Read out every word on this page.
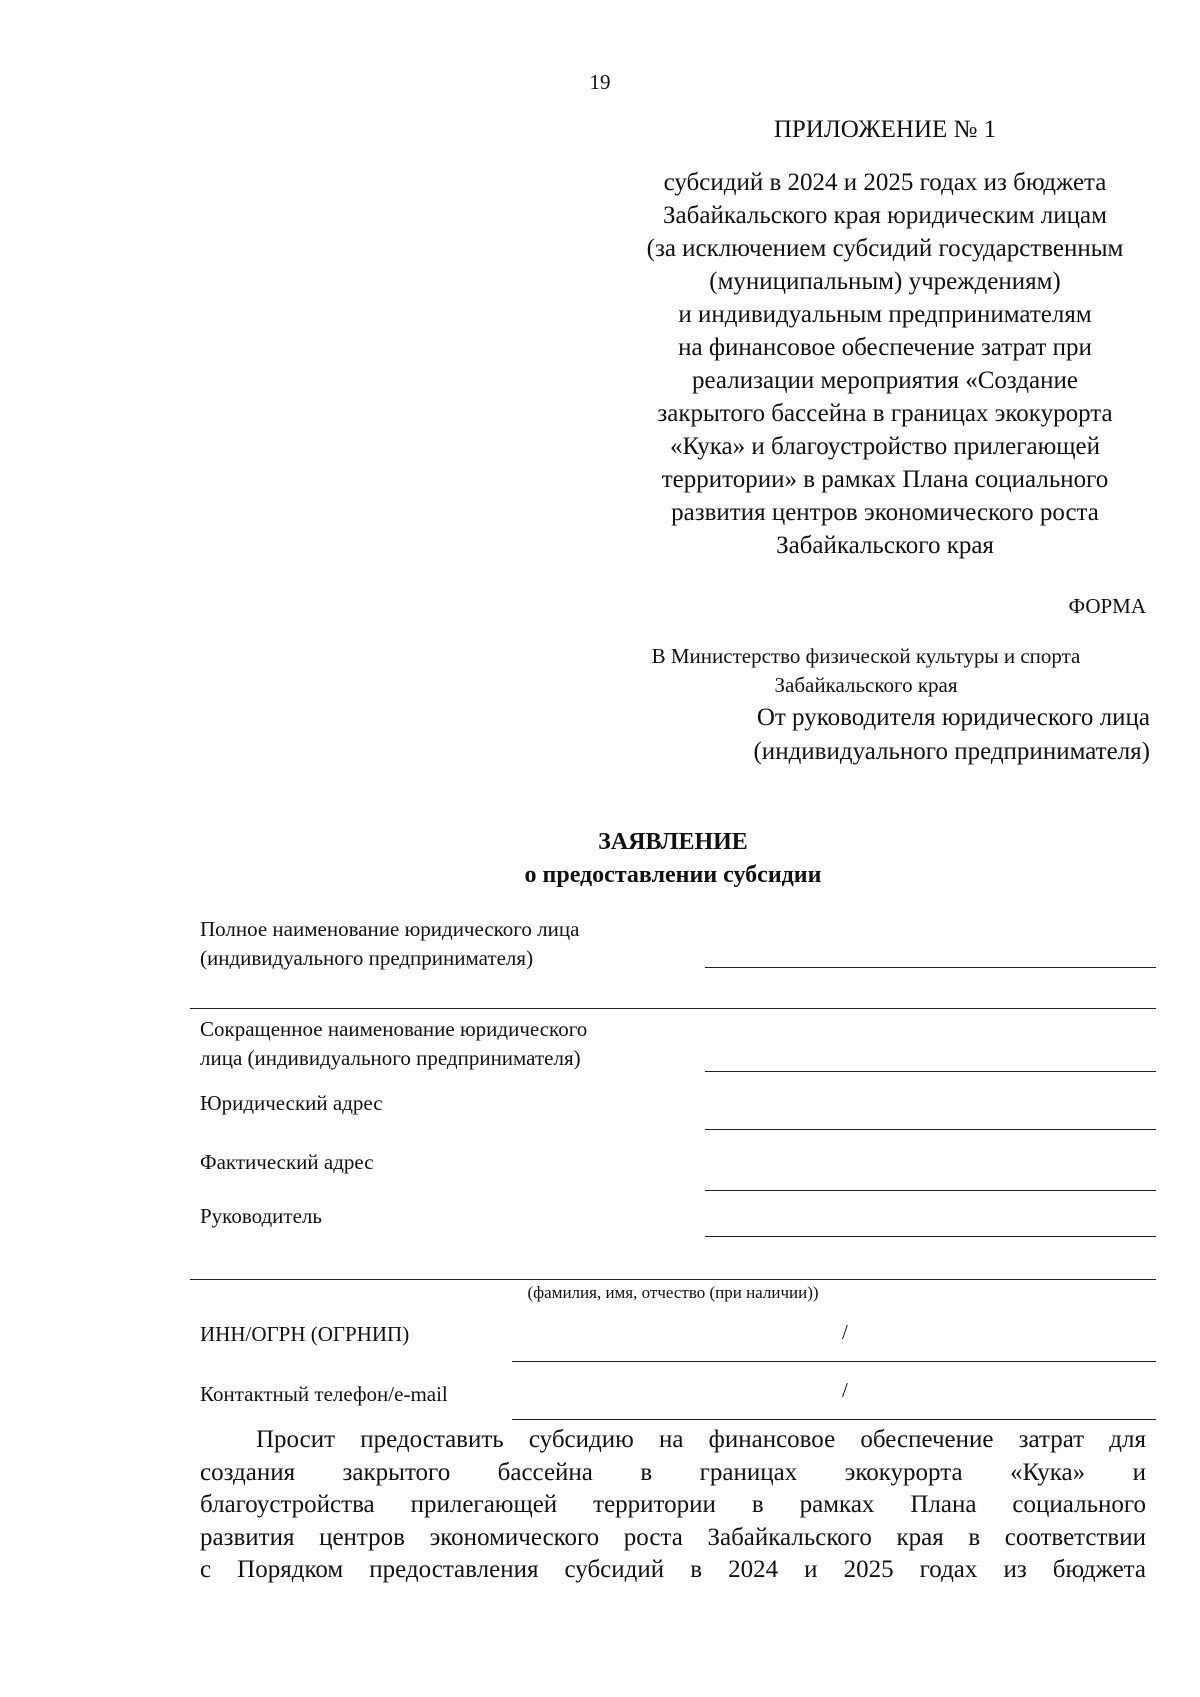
19
ПРИЛОЖЕНИЕ № 1
субсидий в 2024 и 2025 годах из бюджета
Забайкальского края юридическим лицам
(за исключением субсидий государственным
(муниципальным) учреждениям)
и индивидуальным предпринимателям
на финансовое обеспечение затрат при
реализации мероприятия «Создание
закрытого бассейна в границах экокурорта
«Кука» и благоустройство прилегающей
территории» в рамках Плана социального
развития центров экономического роста
Забайкальского края
ФОРМА
В Министерство физической культуры и спорта
Забайкальского края
От руководителя юридического лица
(индивидуального предпринимателя)
ЗАЯВЛЕНИЕ
о предоставлении субсидии
Полное наименование юридического лица
(индивидуального предпринимателя)
Сокращенное наименование юридического
лица (индивидуального предпринимателя)
Юридический адрес
Фактический адрес
Руководитель
(фамилия, имя, отчество (при наличии))
ИНН/ОГРН (ОГРНИП)	/
Контактный телефон/e-mail	/
Просит предоставить субсидию на финансовое обеспечение затрат для
создания закрытого бассейна в границах экокурорта «Кука» и
благоустройства прилегающей территории в рамках Плана социального
развития центров экономического роста Забайкальского края в соответствии
с Порядком предоставления субсидий в 2024 и 2025 годах из бюджета
